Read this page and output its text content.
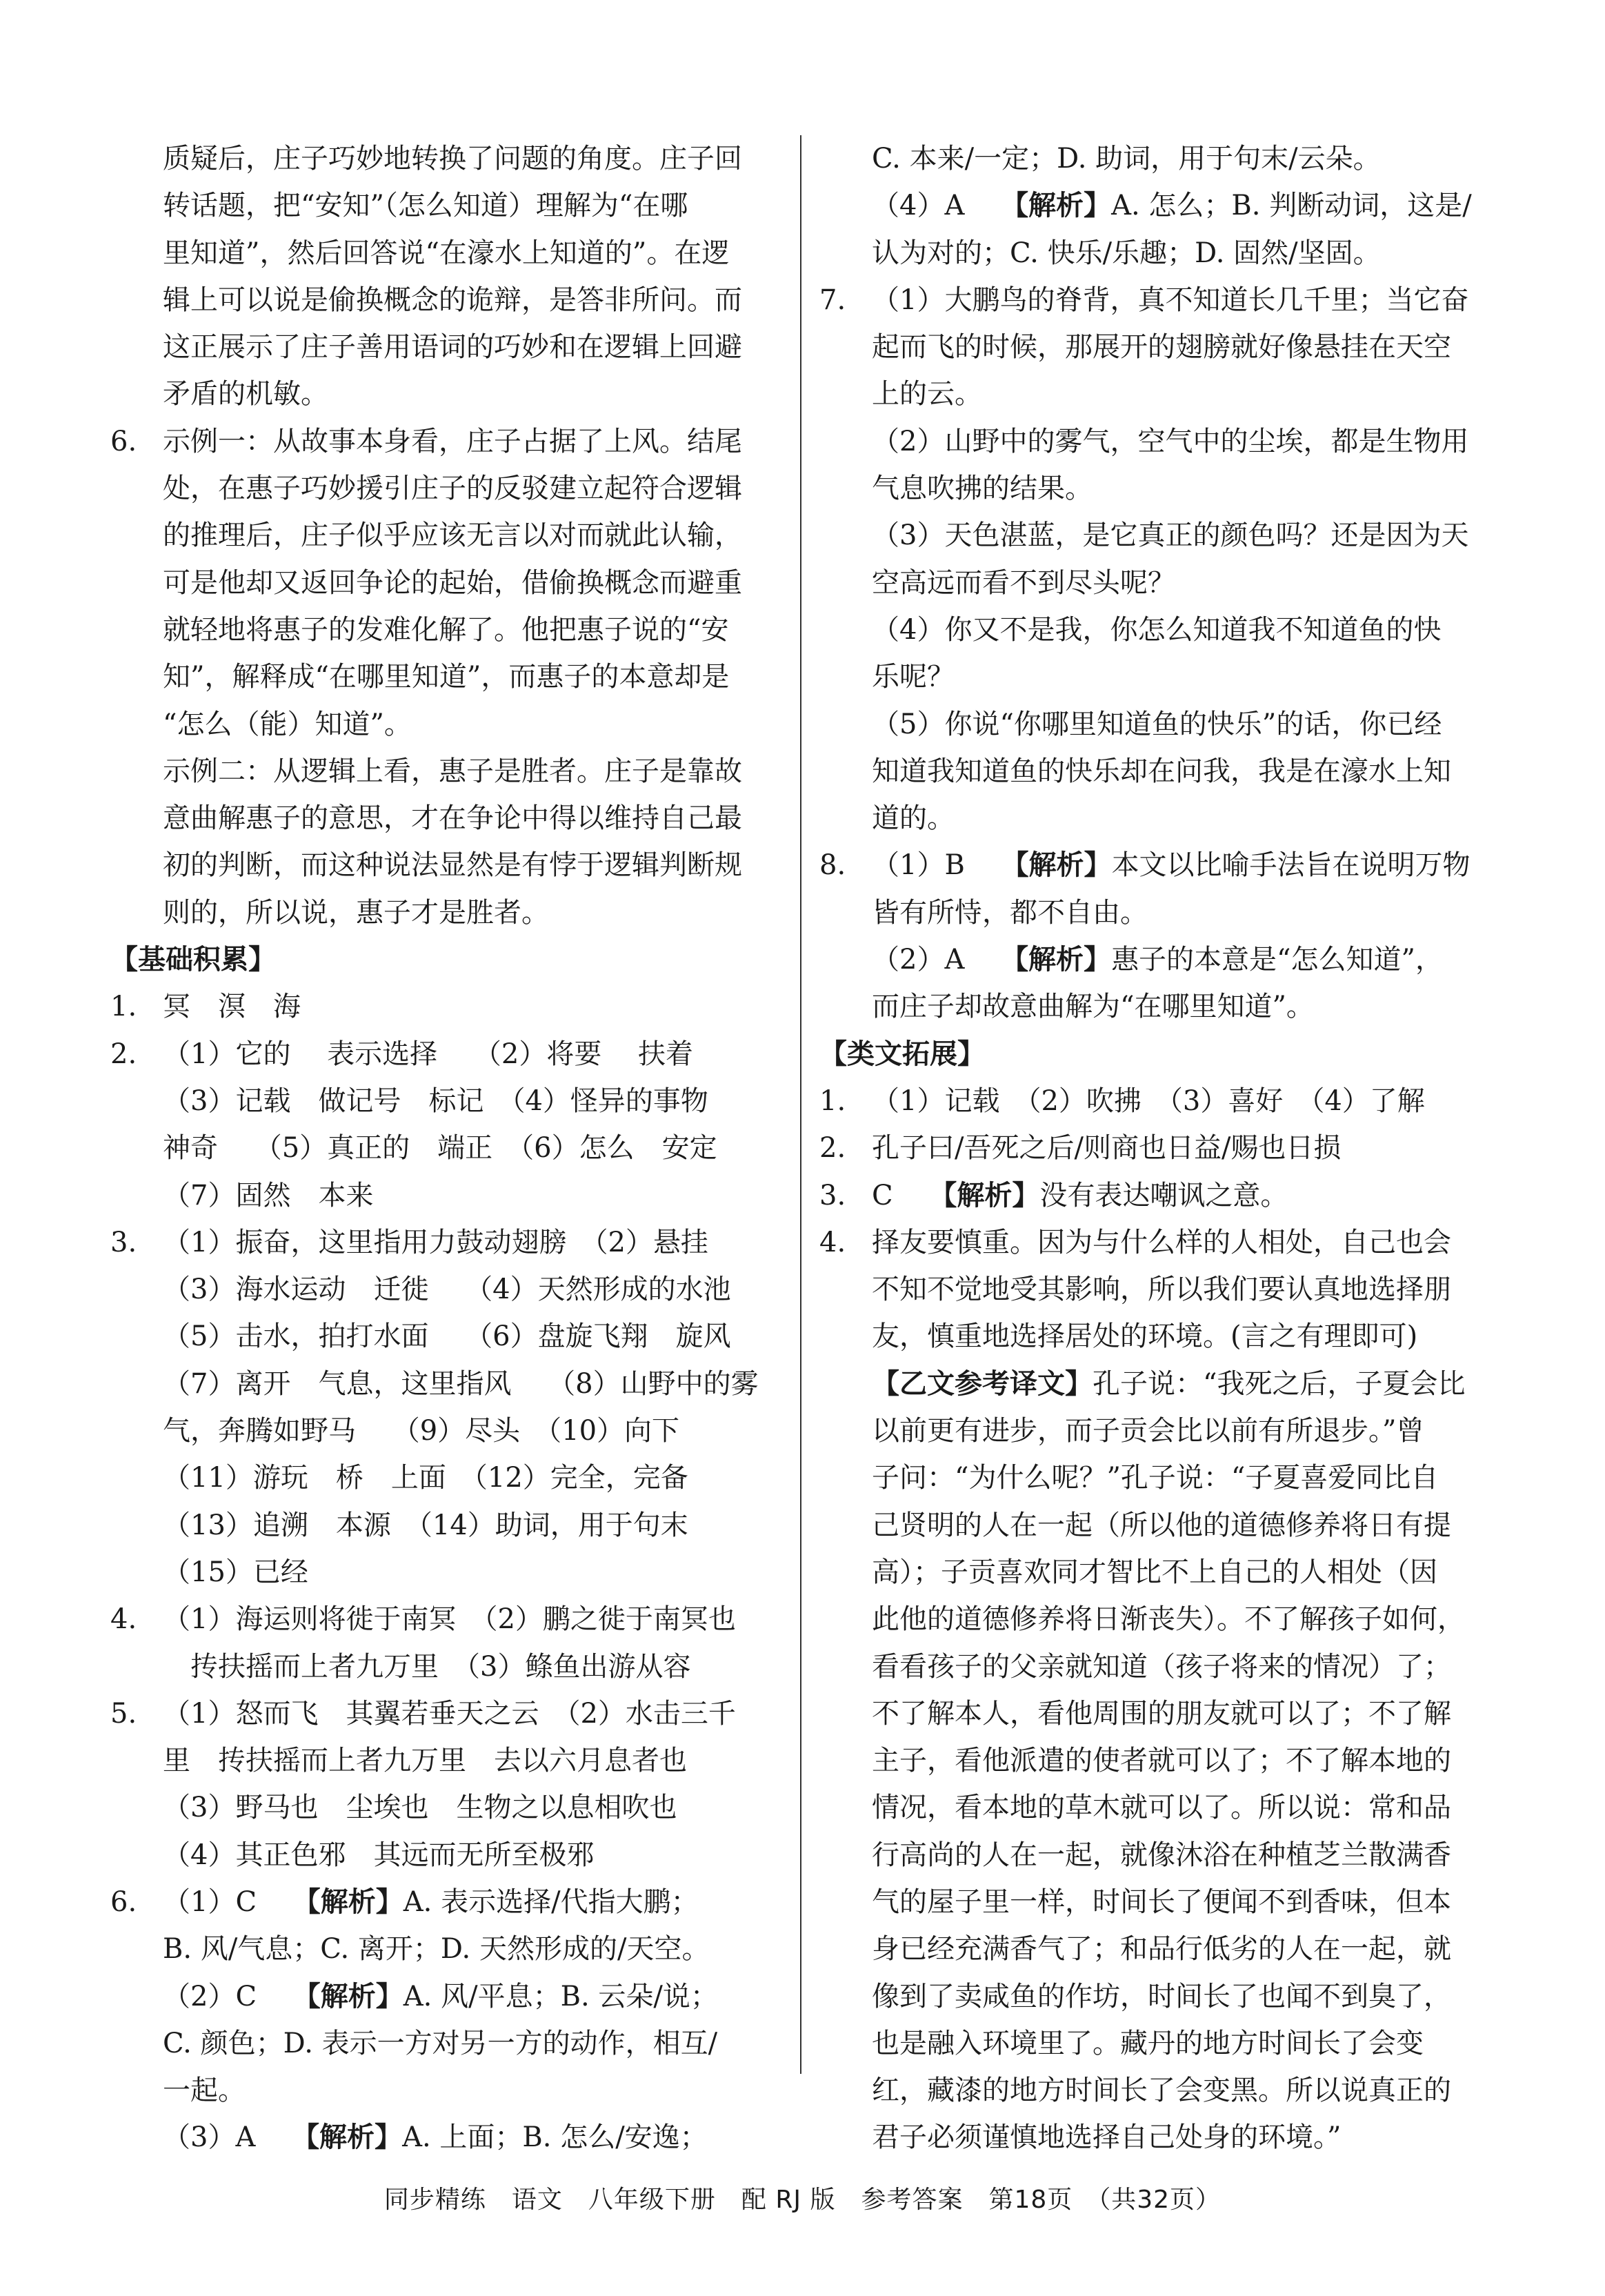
质疑后，庄子巧妙地转换了问题的角度。庄子回
转话题，把“安知”（怎么知道）理解为“在哪
里知道”，然后回答说“在濠水上知道的”。在逻
辑上可以说是偷换概念的诡辩，是答非所问。而
这正展示了庄子善用语词的巧妙和在逻辑上回避
矛盾的机敏。
6. 示例一：从故事本身看，庄子占据了上风。结尾
处，在惠子巧妙援引庄子的反驳建立起符合逻辑
的推理后，庄子似乎应该无言以对而就此认输，
可是他却又返回争论的起始，借偷换概念而避重
就轻地将惠子的发难化解了。他把惠子说的“安
知”，解释成“在哪里知道”，而惠子的本意却是
“怎么（能）知道”。
示例二：从逻辑上看，惠子是胜者。庄子是靠故
意曲解惠子的意思，才在争论中得以维持自己最
初的判断，而这种说法显然是有悖于逻辑判断规
则的，所以说，惠子才是胜者。
【基础积累】
1. 冥　溟　海
2. （1）它的　 表示选择　 （2）将要　 扶着
（3）记载　做记号　标记　（4）怪异的事物
神奇　 （5）真正的　端正　（6）怎么　安定
（7）固然　本来
3. （1）振奋，这里指用力鼓动翅膀　（2）悬挂
（3）海水运动　迁徙　 （4）天然形成的水池
（5）击水，拍打水面　 （6）盘旋飞翔　旋风
（7）离开　气息，这里指风　 （8）山野中的雾
气，奔腾如野马　 （9）尽头　（10）向下
（11）游玩　桥　上面　（12）完全，完备
（13）追溯　本源　（14）助词，用于句末
（15）已经
4. （1）海运则将徙于南冥　（2）鹏之徙于南冥也
　抟扶摇而上者九万里　（3）鲦鱼出游从容
5. （1）怒而飞　其翼若垂天之云　（2）水击三千
里　抟扶摇而上者九万里　去以六月息者也
（3）野马也　尘埃也　生物之以息相吹也
（4）其正色邪　其远而无所至极邪
6. （1）C　 【解析】A. 表示选择/代指大鹏；
B. 风/气息；C. 离开；D. 天然形成的/天空。
（2）C　 【解析】A. 风/平息；B. 云朵/说；
C. 颜色；D. 表示一方对另一方的动作，相互/
一起。
（3）A　 【解析】A. 上面；B. 怎么/安逸；
C. 本来/一定；D. 助词，用于句末/云朵。
（4）A　 【解析】A. 怎么；B. 判断动词，这是/
认为对的；C. 快乐/乐趣；D. 固然/坚固。
7. （1）大鹏鸟的脊背，真不知道长几千里；当它奋
起而飞的时候，那展开的翅膀就好像悬挂在天空
上的云。
（2）山野中的雾气，空气中的尘埃，都是生物用
气息吹拂的结果。
（3）天色湛蓝，是它真正的颜色吗？还是因为天
空高远而看不到尽头呢？
（4）你又不是我，你怎么知道我不知道鱼的快
乐呢？
（5）你说“你哪里知道鱼的快乐”的话，你已经
知道我知道鱼的快乐却在问我，我是在濠水上知
道的。
8. （1）B　 【解析】本文以比喻手法旨在说明万物
皆有所恃，都不自由。
（2）A　 【解析】惠子的本意是“怎么知道”，
而庄子却故意曲解为“在哪里知道”。
【类文拓展】
1. （1）记载　（2）吹拂　（3）喜好　（4）了解
2. 孔子曰/吾死之后/则商也日益/赐也日损
3. C　 【解析】没有表达嘲讽之意。
4. 择友要慎重。因为与什么样的人相处，自己也会
不知不觉地受其影响，所以我们要认真地选择朋
友，慎重地选择居处的环境。(言之有理即可)
【乙文参考译文】孔子说：“我死之后，子夏会比
以前更有进步，而子贡会比以前有所退步。”曾
子问：“为什么呢？”孔子说：“子夏喜爱同比自
己贤明的人在一起（所以他的道德修养将日有提
高）；子贡喜欢同才智比不上自己的人相处（因
此他的道德修养将日渐丧失）。不了解孩子如何，
看看孩子的父亲就知道（孩子将来的情况）了；
不了解本人，看他周围的朋友就可以了；不了解
主子，看他派遣的使者就可以了；不了解本地的
情况，看本地的草木就可以了。所以说：常和品
行高尚的人在一起，就像沐浴在种植芝兰散满香
气的屋子里一样，时间长了便闻不到香味，但本
身已经充满香气了；和品行低劣的人在一起，就
像到了卖咸鱼的作坊，时间长了也闻不到臭了，
也是融入环境里了。藏丹的地方时间长了会变
红，藏漆的地方时间长了会变黑。所以说真正的
君子必须谨慎地选择自己处身的环境。”
同步精练　语文　八年级下册　配 RJ 版　参考答案　第18页　（共32页）
